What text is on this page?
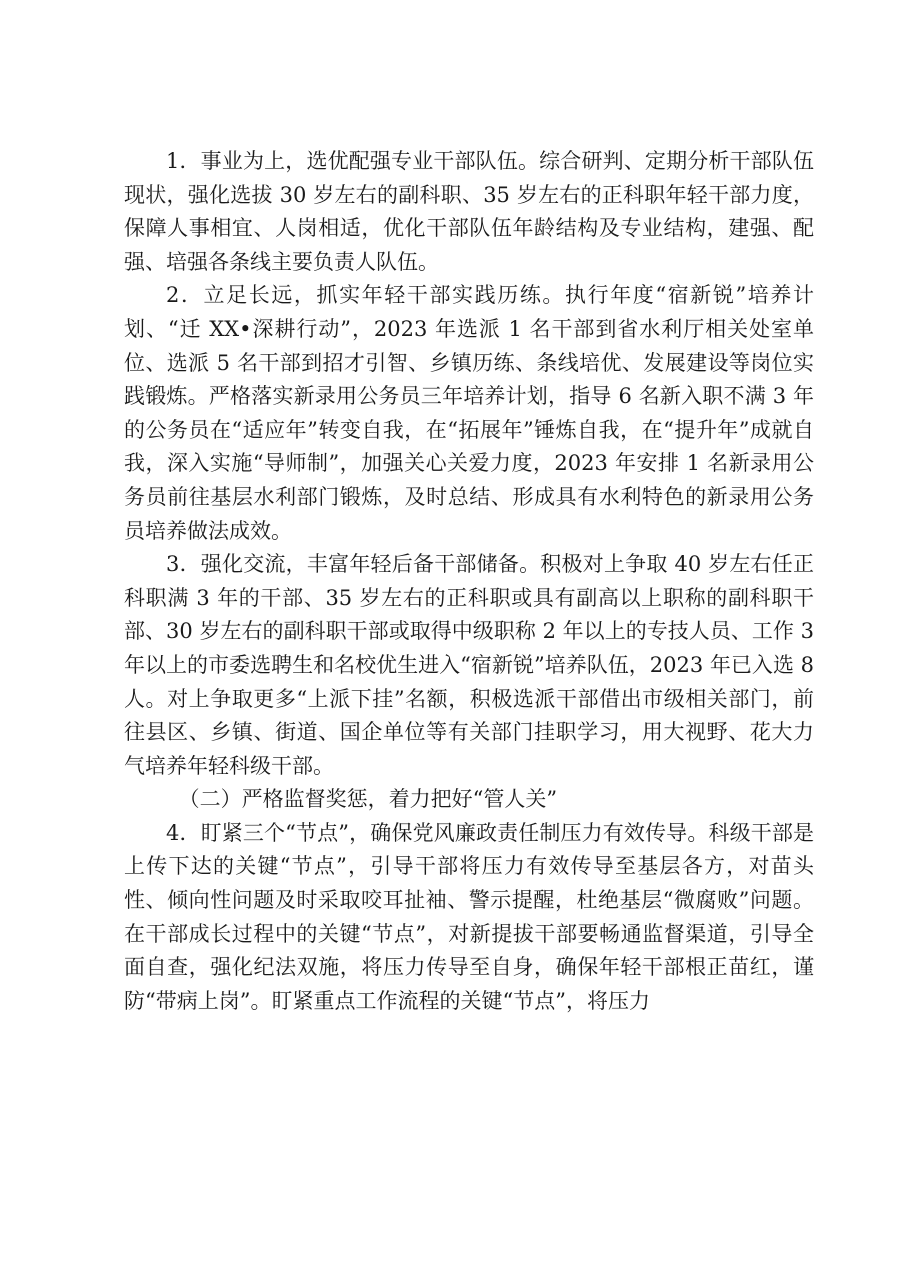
1．事业为上，选优配强专业干部队伍。综合研判、定期分析干部队伍现状，强化选拔 30 岁左右的副科职、35 岁左右的正科职年轻干部力度，保障人事相宜、人岗相适，优化干部队伍年龄结构及专业结构，建强、配强、培强各条线主要负责人队伍。

2．立足长远，抓实年轻干部实践历练。执行年度“宿新锐”培养计划、“迁 XX•深耕行动”，2023 年选派 1 名干部到省水利厅相关处室单位、选派 5 名干部到招才引智、乡镇历练、条线培优、发展建设等岗位实践锻炼。严格落实新录用公务员三年培养计划，指导 6 名新入职不满 3 年的公务员在“适应年”转变自我，在“拓展年”锤炼自我，在“提升年”成就自我，深入实施“导师制”，加强关心关爱力度，2023 年安排 1 名新录用公务员前往基层水利部门锻炼，及时总结、形成具有水利特色的新录用公务员培养做法成效。

3．强化交流，丰富年轻后备干部储备。积极对上争取 40 岁左右任正科职满 3 年的干部、35 岁左右的正科职或具有副高以上职称的副科职干部、30 岁左右的副科职干部或取得中级职称 2 年以上的专技人员、工作 3 年以上的市委选聘生和名校优生进入“宿新锐”培养队伍，2023 年已入选 8 人。对上争取更多“上派下挂”名额，积极选派干部借出市级相关部门，前往县区、乡镇、街道、国企单位等有关部门挂职学习，用大视野、花大力气培养年轻科级干部。

（二）严格监督奖惩，着力把好“管人关”

4．盯紧三个“节点”，确保党风廉政责任制压力有效传导。科级干部是上传下达的关键“节点”，引导干部将压力有效传导至基层各方，对苗头性、倾向性问题及时采取咬耳扯袖、警示提醒，杜绝基层“微腐败”问题。在干部成长过程中的关键“节点”，对新提拔干部要畅通监督渠道，引导全面自查，强化纪法双施，将压力传导至自身，确保年轻干部根正苗红，谨防“带病上岗”。盯紧重点工作流程的关键“节点”，将压力
